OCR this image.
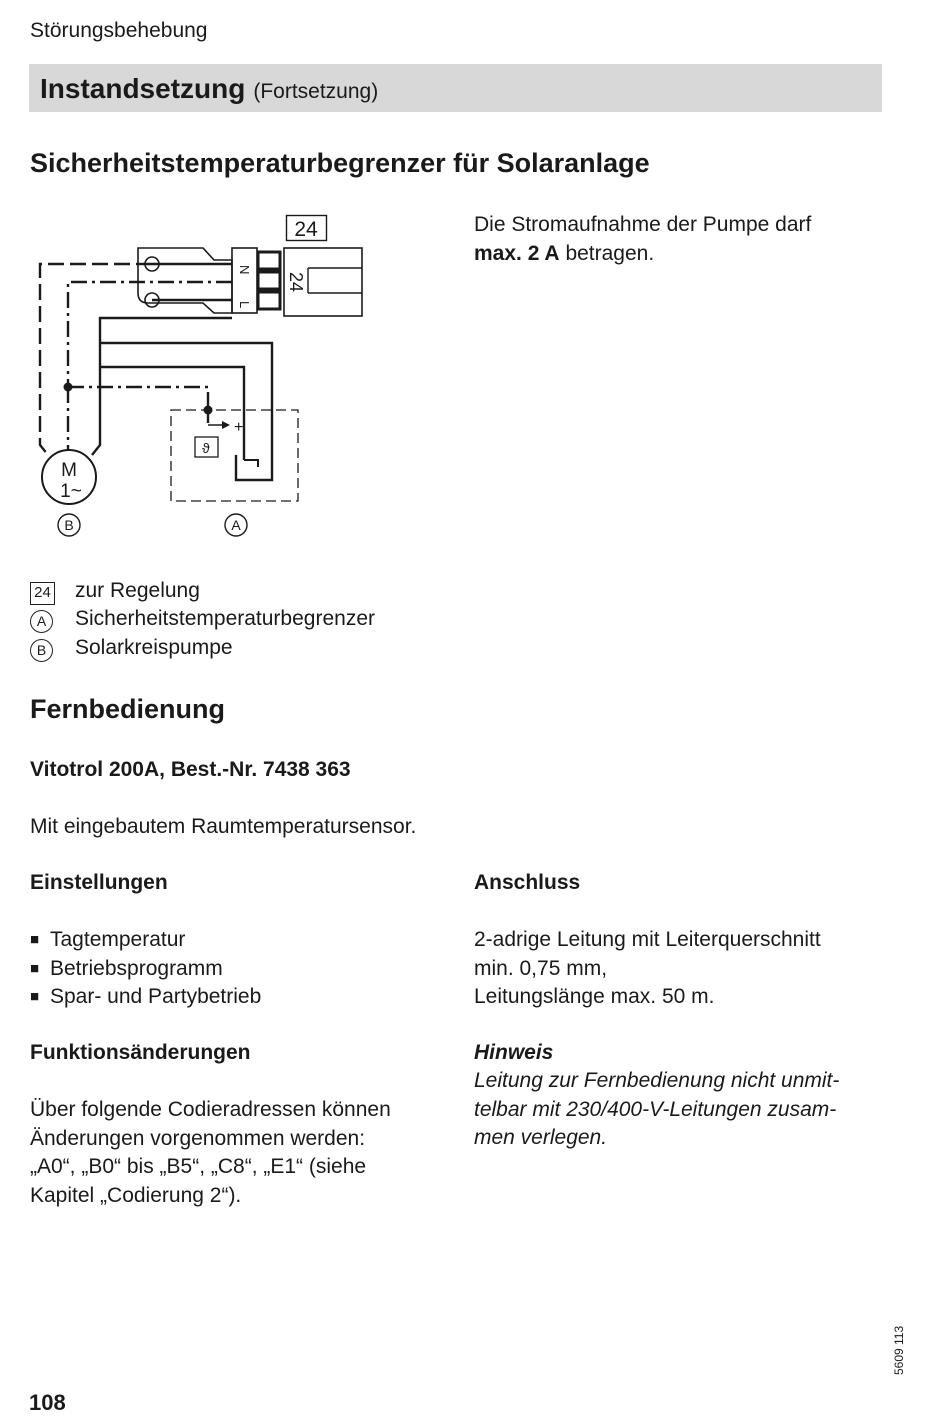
Störungsbehebung
Instandsetzung (Fortsetzung)
Sicherheitstemperaturbegrenzer für Solaranlage
24
N
L
24
M
1~
B	A
+
ϑ
Die Stromaufnahme der Pumpe darf
max. 2 A betragen.
24 zur Regelung
A	Sicherheitstemperaturbegrenzer
B	Solarkreispumpe
Fernbedienung
Vitotrol 200A, Best.-Nr. 7438 363
Mit eingebautem Raumtemperatursensor.
Einstellungen
■ Tagtemperatur
■ Betriebsprogramm
■ Spar- und Partybetrieb
Funktionsänderungen
Über folgende Codieradressen können
Änderungen vorgenommen werden:
„A0“, „B0“ bis „B5“, „C8“, „E1“ (siehe
Kapitel „Codierung 2“).
Anschluss
2-adrige Leitung mit Leiterquerschnitt
min. 0,75 mm,
Leitungslänge max. 50 m.
Hinweis
Leitung zur Fernbedienung nicht unmit-
telbar mit 230/400-V-Leitungen zusam-
men verlegen.
5609 113
108
